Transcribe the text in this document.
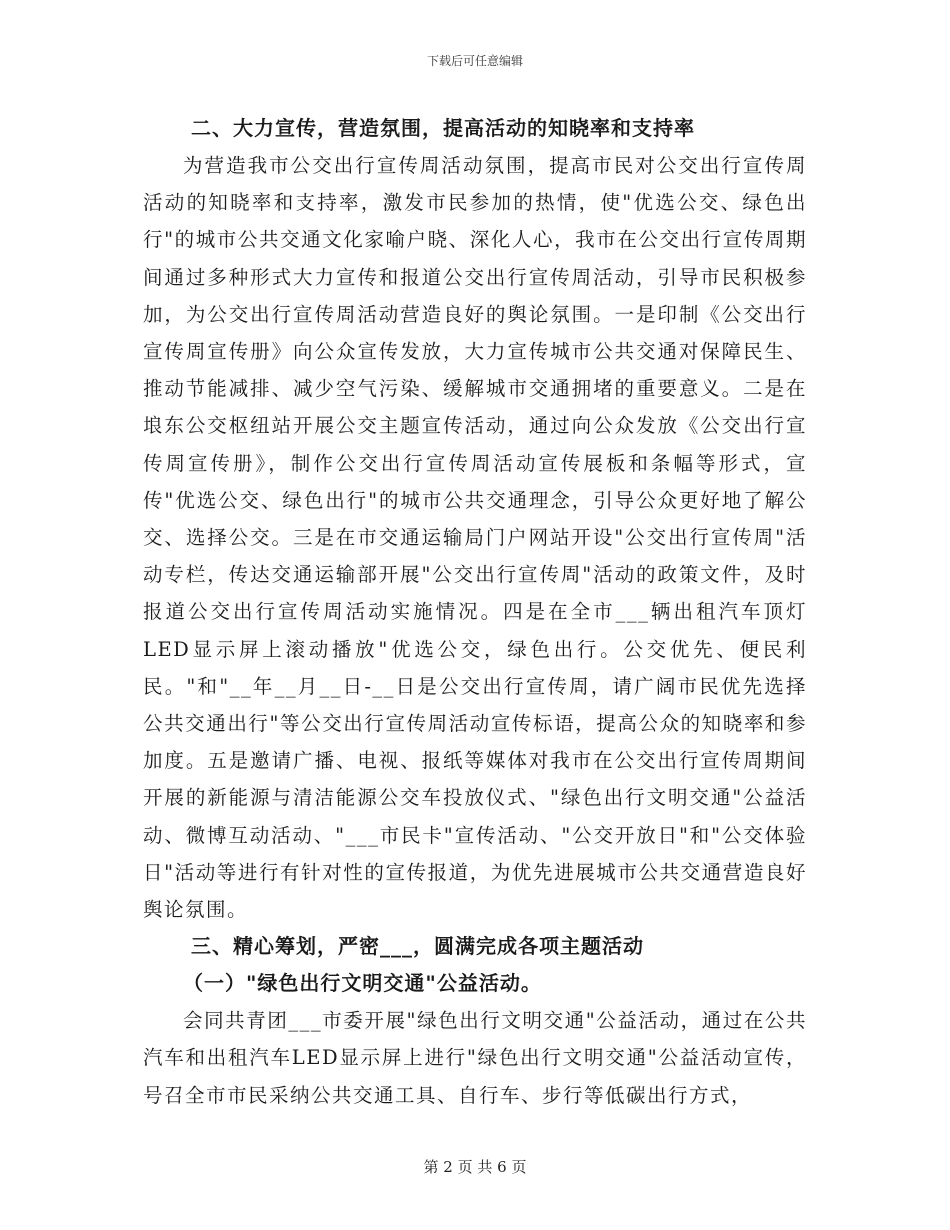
下载后可任意编辑

二、大力宣传，营造氛围，提高活动的知晓率和支持率

为营造我市公交出行宣传周活动氛围，提高市民对公交出行宣传周活动的知晓率和支持率，激发市民参加的热情，使"优选公交、绿色出行"的城市公共交通文化家喻户晓、深化人心，我市在公交出行宣传周期间通过多种形式大力宣传和报道公交出行宣传周活动，引导市民积极参加，为公交出行宣传周活动营造良好的舆论氛围。一是印制《公交出行宣传周宣传册》向公众宣传发放，大力宣传城市公共交通对保障民生、推动节能减排、减少空气污染、缓解城市交通拥堵的重要意义。二是在埌东公交枢纽站开展公交主题宣传活动，通过向公众发放《公交出行宣传周宣传册》，制作公交出行宣传周活动宣传展板和条幅等形式，宣传"优选公交、绿色出行"的城市公共交通理念，引导公众更好地了解公交、选择公交。三是在市交通运输局门户网站开设"公交出行宣传周"活动专栏，传达交通运输部开展"公交出行宣传周"活动的政策文件，及时报道公交出行宣传周活动实施情况。四是在全市___辆出租汽车顶灯LED显示屏上滚动播放"优选公交，绿色出行。公交优先、便民利民。"和"__年__月__日-__日是公交出行宣传周，请广阔市民优先选择公共交通出行"等公交出行宣传周活动宣传标语，提高公众的知晓率和参加度。五是邀请广播、电视、报纸等媒体对我市在公交出行宣传周期间开展的新能源与清洁能源公交车投放仪式、"绿色出行文明交通"公益活动、微博互动活动、"___市民卡"宣传活动、"公交开放日"和"公交体验日"活动等进行有针对性的宣传报道，为优先进展城市公共交通营造良好舆论氛围。

三、精心筹划，严密___，圆满完成各项主题活动

（一）"绿色出行文明交通"公益活动。

会同共青团___市委开展"绿色出行文明交通"公益活动，通过在公共汽车和出租汽车LED显示屏上进行"绿色出行文明交通"公益活动宣传，号召全市市民采纳公共交通工具、自行车、步行等低碳出行方式，

第 2 页 共 6 页
